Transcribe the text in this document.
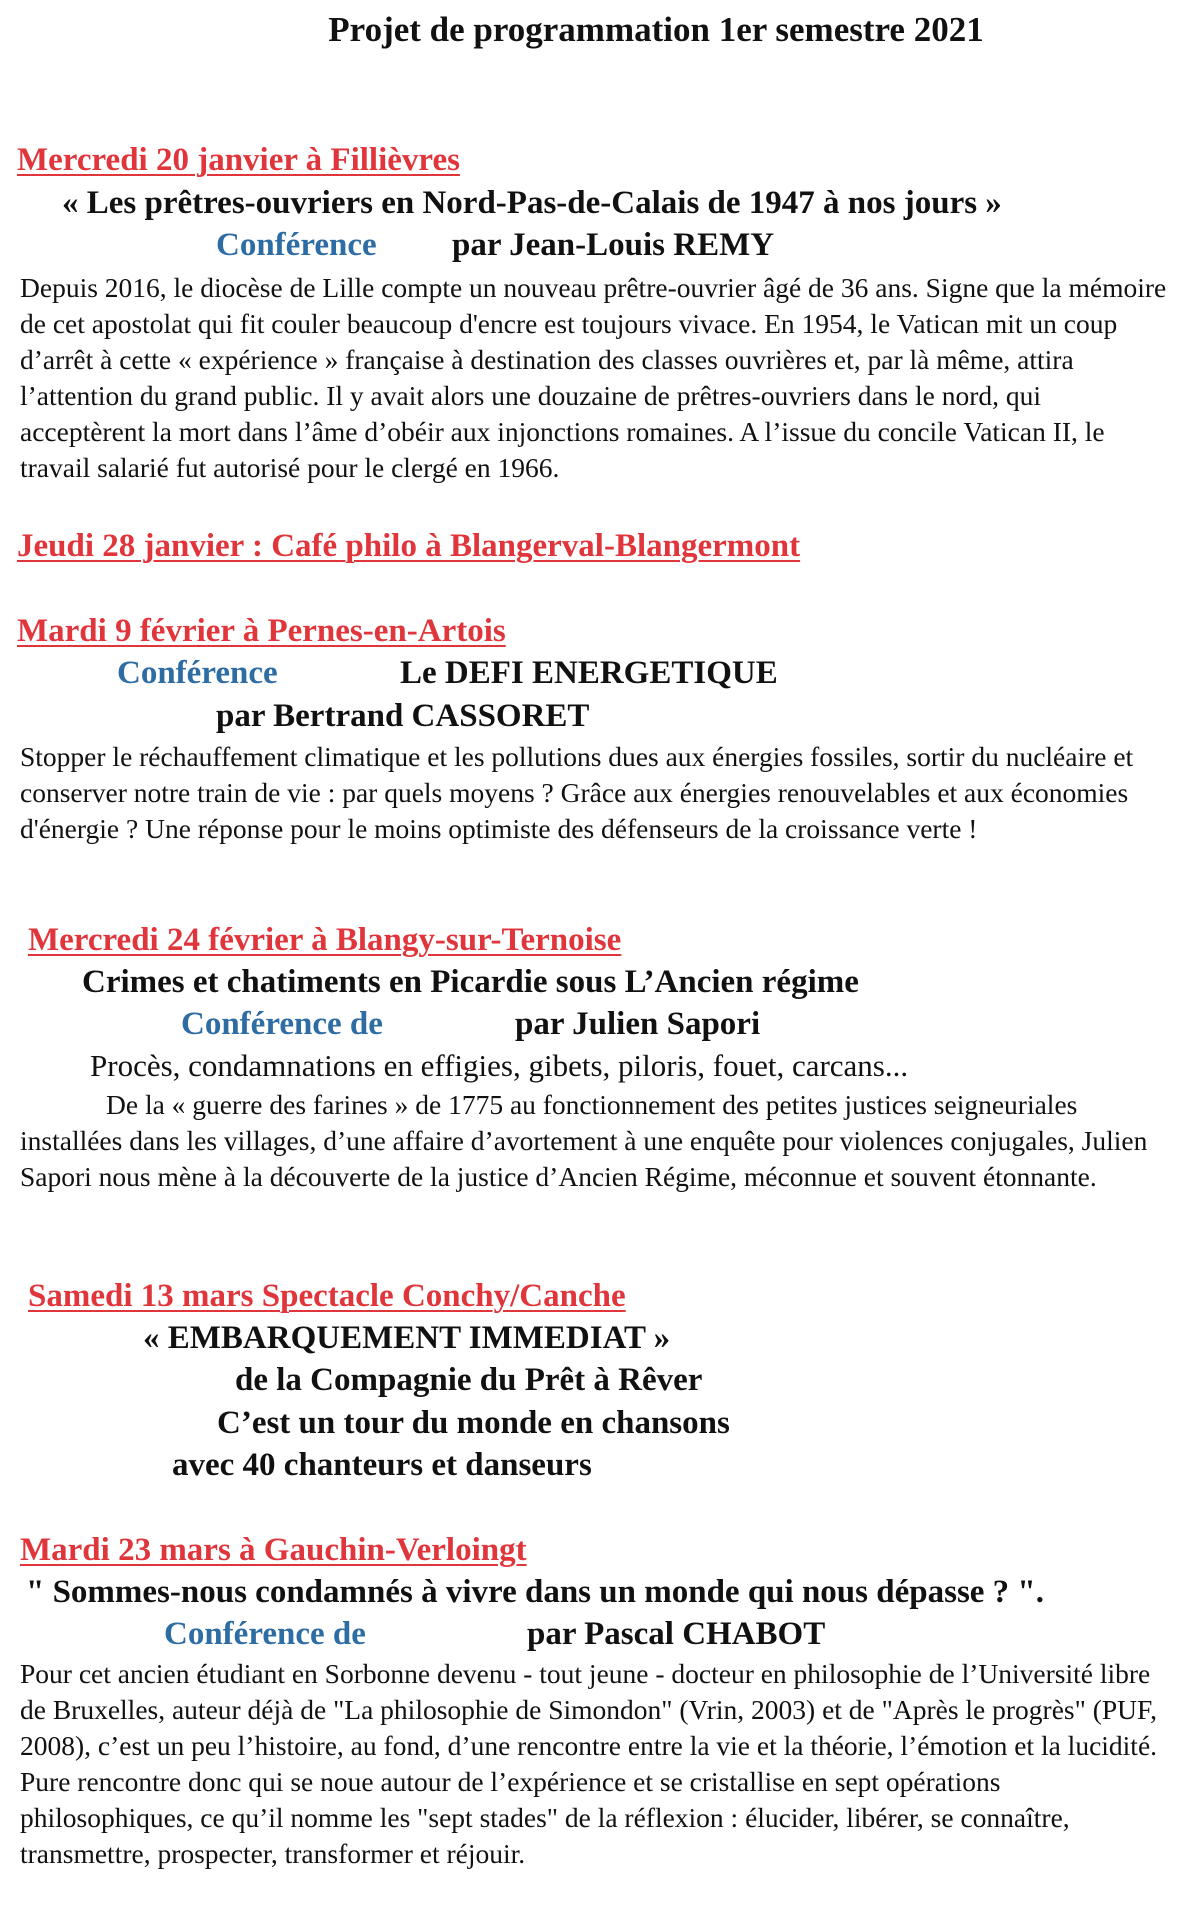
Projet de programmation 1er semestre 2021
Mercredi 20 janvier à Fillièvres
« Les prêtres-ouvriers en Nord-Pas-de-Calais de 1947 à nos jours »
Conférence par Jean-Louis REMY
Depuis 2016, le diocèse de Lille compte un nouveau prêtre-ouvrier âgé de 36 ans. Signe que la mémoire de cet apostolat qui fit couler beaucoup d'encre est toujours vivace. En 1954, le Vatican mit un coup d’arrêt à cette « expérience » française à destination des classes ouvrières et, par là même, attira l’attention du grand public. Il y avait alors une douzaine de prêtres-ouvriers dans le nord, qui acceptèrent la mort dans l’âme d’obéir aux injonctions romaines. A l’issue du concile Vatican II, le travail salarié fut autorisé pour le clergé en 1966.
Jeudi 28 janvier : Café philo à Blangerval-Blangermont
Mardi 9 février à Pernes-en-Artois
Conférence	Le DEFI ENERGETIQUE
par Bertrand CASSORET
Stopper le réchauffement climatique et les pollutions dues aux énergies fossiles, sortir du nucléaire et conserver notre train de vie : par quels moyens ? Grâce aux énergies renouvelables et aux économies d'énergie ? Une réponse pour le moins optimiste des défenseurs de la croissance verte !
Mercredi 24 février à Blangy-sur-Ternoise
Crimes et chatiments en Picardie sous L’Ancien régime
Conférence de	par Julien Sapori
Procès, condamnations en effigies, gibets, piloris, fouet, carcans...
De la « guerre des farines » de 1775 au fonctionnement des petites justices seigneuriales installées dans les villages, d’une affaire d’avortement à une enquête pour violences conjugales, Julien Sapori nous mène à la découverte de la justice d’Ancien Régime, méconnue et souvent étonnante.
Samedi 13 mars Spectacle Conchy/Canche
« EMBARQUEMENT IMMEDIAT »
de la Compagnie du Prêt à Rêver
C’est un tour du monde en chansons
avec 40 chanteurs et danseurs
Mardi 23 mars à Gauchin-Verloingt
" Sommes-nous condamnés à vivre dans un monde qui nous dépasse ? ".
Conférence de	par Pascal CHABOT
Pour cet ancien étudiant en Sorbonne devenu - tout jeune - docteur en philosophie de l’Université libre de Bruxelles, auteur déjà de "La philosophie de Simondon" (Vrin, 2003) et de "Après le progrès" (PUF, 2008), c’est un peu l’histoire, au fond, d’une rencontre entre la vie et la théorie, l’émotion et la lucidité. Pure rencontre donc qui se noue autour de l’expérience et se cristallise en sept opérations philosophiques, ce qu’il nomme les "sept stades" de la réflexion : élucider, libérer, se connaître, transmettre, prospecter, transformer et réjouir.
